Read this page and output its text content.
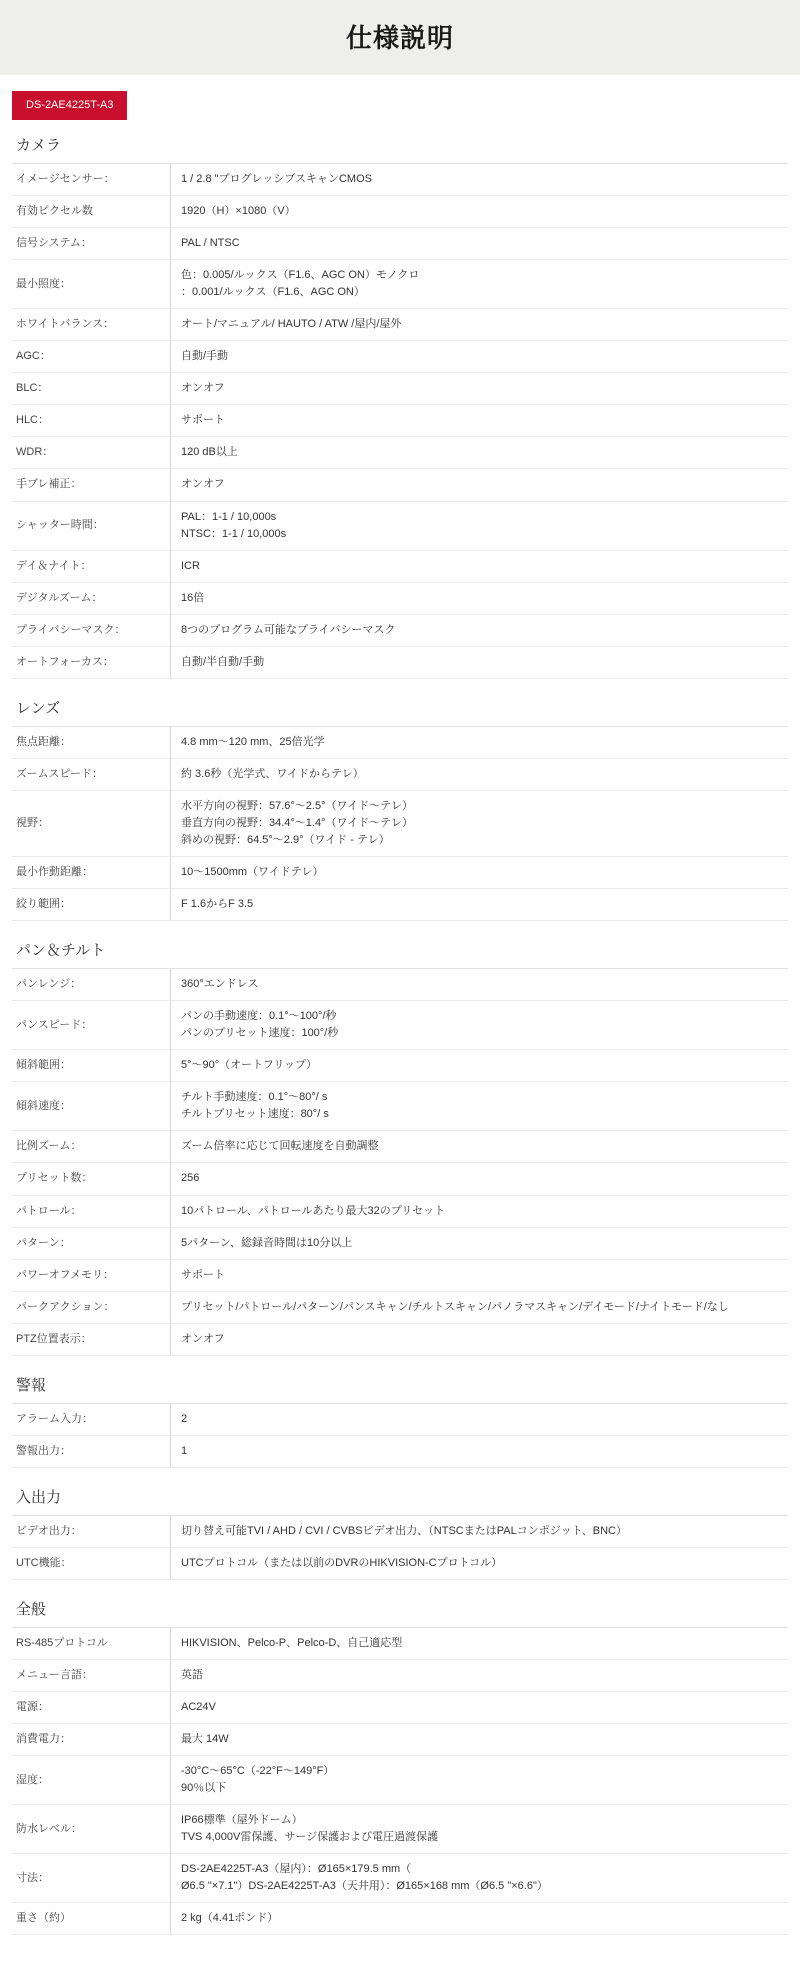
仕様説明
DS-2AE4225T-A3
カメラ
イメージセンサー：	1 / 2.8 "プログレッシブスキャンCMOS

有効ピクセル数	1920（H）×1080（V）

信号システム：	PAL / NTSC

最小照度：	色：0.005/ルックス（F1.6、AGC ON）モノクロ
：0.001/ルックス（F1.6、AGC ON）

ホワイトバランス：	オート/マニュアル/ HAUTO / ATW /屋内/屋外

AGC：	自動/手動

BLC：	オンオフ

HLC：	サポート

WDR：	120 dB以上

手ブレ補正：	オンオフ

シャッター時間：	PAL：1-1 / 10,000s
NTSC：1-1 / 10,000s

デイ＆ナイト：	ICR

デジタルズーム：	16倍

プライバシーマスク：	8つのプログラム可能なプライバシーマスク

オートフォーカス：	自動/半自動/手動
レンズ
焦点距離：	4.8 mm〜120 mm、25倍光学

ズームスピード：	約 3.6秒（光学式、ワイドからテレ）

視野：	水平方向の視野：57.6°〜2.5°（ワイド〜テレ）
垂直方向の視野：34.4°〜1.4°（ワイド〜テレ）
斜めの視野：64.5°〜2.9°（ワイド - テレ）

最小作動距離：	10〜1500mm（ワイドテレ）

絞り範囲：	F 1.6からF 3.5
パン＆チルト
パンレンジ：	360°エンドレス

パンスピード：	パンの手動速度：0.1°〜100°/秒
パンのプリセット速度：100°/秒

傾斜範囲：	5°〜90°（オートフリップ）

傾斜速度：	チルト手動速度：0.1°〜80°/ s
チルトプリセット速度：80°/ s

比例ズーム：	ズーム倍率に応じて回転速度を自動調整

プリセット数：	256

パトロール：	10パトロール、パトロールあたり最大32のプリセット

パターン：	5パターン、総録音時間は10分以上

パワーオフメモリ：	サポート

パークアクション：	プリセット/パトロール/パターン/パンスキャン/チルトスキャン/パノラマスキャン/デイモード/ナイトモード/なし

PTZ位置表示：	オンオフ
警報
アラーム入力：	2

警報出力：	1
入出力
ビデオ出力：	切り替え可能TVI / AHD / CVI / CVBSビデオ出力、（NTSCまたはPALコンポジット、BNC）

UTC機能：	UTCプロトコル（または以前のDVRのHIKVISION-Cプロトコル）
全般
RS-485プロトコル	HIKVISION、Pelco-P、Pelco-D、自己適応型

メニュー言語：	英語

電源：	AC24V

消費電力：	最大 14W

湿度：	-30°C〜65°C（-22°F〜149°F）
90％以下

防水レベル：	IP66標準（屋外ドーム）
TVS 4,000V雷保護、サージ保護および電圧過渡保護

寸法：	DS-2AE4225T-A3（屋内）：Ø165×179.5 mm（
Ø6.5 "×7.1"）DS-2AE4225T-A3（天井用）：Ø165×168 mm（Ø6.5 "×6.6"）

重さ（約）	2 kg（4.41ポンド）
